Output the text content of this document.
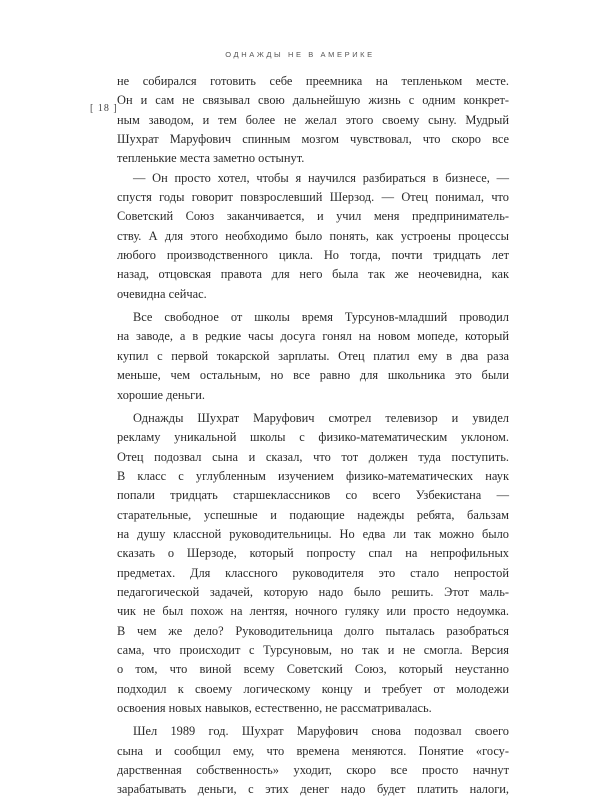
ОДНАЖДЫ НЕ В АМЕРИКЕ
[ 18 ]
не собирался готовить себе преемника на тепленьком месте.
Он и сам не связывал свою дальнейшую жизнь с одним конкрет-
ным заводом, и тем более не желал этого своему сыну. Мудрый
Шухрат Маруфович спинным мозгом чувствовал, что скоро все
тепленькие места заметно остынут.
— Он просто хотел, чтобы я научился разбираться в бизнесе, —
спустя годы говорит повзрослевший Шерзод. — Отец понимал, что
Советский Союз заканчивается, и учил меня предприниматель-
ству. А для этого необходимо было понять, как устроены процессы
любого производственного цикла. Но тогда, почти тридцать лет
назад, отцовская правота для него была так же неочевидна, как
очевидна сейчас.
Все свободное от школы время Турсунов-младший проводил
на заводе, а в редкие часы досуга гонял на новом мопеде, который
купил с первой токарской зарплаты. Отец платил ему в два раза
меньше, чем остальным, но все равно для школьника это были
хорошие деньги.
Однажды Шухрат Маруфович смотрел телевизор и увидел
рекламу уникальной школы с физико-математическим уклоном.
Отец подозвал сына и сказал, что тот должен туда поступить.
В класс с углубленным изучением физико-математических наук
попали тридцать старшеклассников со всего Узбекистана —
старательные, успешные и подающие надежды ребята, бальзам
на душу классной руководительницы. Но едва ли так можно было
сказать о Шерзоде, который попросту спал на непрофильных
предметах. Для классного руководителя это стало непростой
педагогической задачей, которую надо было решить. Этот маль-
чик не был похож на лентяя, ночного гуляку или просто недоумка.
В чем же дело? Руководительница долго пыталась разобраться
сама, что происходит с Турсуновым, но так и не смогла. Версия
о том, что виной всему Советский Союз, который неустанно
подходил к своему логическому концу и требует от молодежи
освоения новых навыков, естественно, не рассматривалась.
Шел 1989 год. Шухрат Маруфович снова подозвал своего
сына и сообщил ему, что времена меняются. Понятие «госу-
дарственная собственность» уходит, скоро все просто начнут
зарабатывать деньги, с этих денег надо будет платить налоги,
